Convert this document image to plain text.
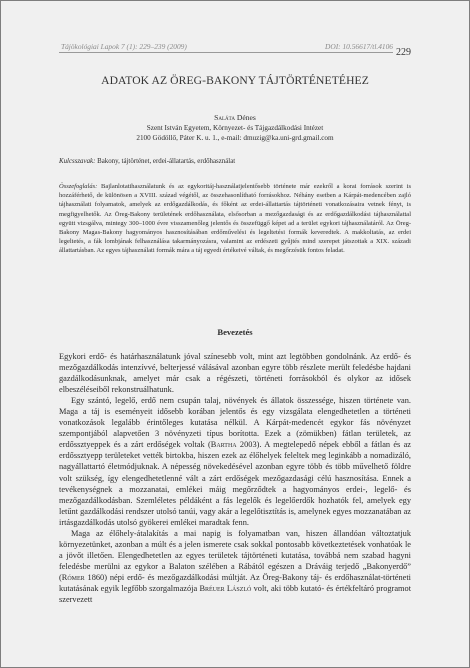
Tájökológiai Lapok 7 (1): 229–239 (2009)	DOI: 10.56617/tl.4106
229
ADATOK AZ ÖREG-BAKONY TÁJTÖRTÉNETÉHEZ
Saláta Dénes
Szent István Egyetem, Környezet- és Tájgazdálkodási Intézet
2100 Gödöllő, Páter K. u. 1., e-mail: dmuzig@ka.uni-grd.gmail.com
Kulcsszavak: Bakony, tájtörténet, erdei-állatartás, erdőhasználat
Összefoglalás: Bajlanlotatihasználatunk és az egykoritáj-használatjelentősebb története már ezekről a korai források szerint is hozzáférhető, de különösen a XVIII. század végétől, az összehasonlítható forrásokhoz. Néhány esetben a Kárpát-medencében zajló tájhasználati folyamatok, amelyek az erdőgazdálkodás, és főként az erdei-állattartás tájtörténeti vonatkozásaira vetnek fényt, is megfigyelhetők. Az Öreg-Bakony területének erdőhasználata, elsősorban a mezőgazdasági és az erdőgazdálkodási tájhasználattal együtt vizsgálva, mintegy 300–1000 évre visszamenőleg jelentős és összefüggő képet ad a terület egykori tájhasználatáról. Az Öreg-Bakony Magas-Bakony hagyományos hasznosításában erdőművelési és legeltetési formák keveredtek. A makkoltatás, az erdei legeltetés, a fák lombjának felhasználása takarmányozásra, valamint az erdészeti gyűjtés mind szerepet játszottak a XIX. századi állattartásban. Az egyes tájhasználati formák mára a táj egyedi értékeivé váltak, és megőrzésük fontos feladat.
Bevezetés

Egykori erdő- és határhasználatunk jóval színesebb volt, mint azt legtöbben gondolnánk. Az erdő- és mezőgazdálkodás intenzívvé, belterjessé válásával azonban egyre több részlete merült feledésbe hajdani gazdálkodásunknak, amelyet már csak a régészeti, történeti forrásokból és olykor az idősek elbeszéléseiből rekonstruálhatunk.

Egy szántó, legelő, erdő nem csupán talaj, növények és állatok összessége, hiszen története van. Maga a táj is eseményeit idősebb korában jelentős és egy vizsgálata elengedhetetlen a történeti vonatkozások legalább érintőleges kutatása nélkül. A Kárpát-medencét egykor fás növényzet szempontjából alapvetően 3 növényzeti típus borította. Ezek a (zömükben) fátlan területek, az erdőssztyeppek és a zárt erdőségek voltak (Bartha 2003). A megtelepedő népek ebből a fátlan és az erdőssztyepp területeket vették birtokba, hiszen ezek az élőhelyek feleltek meg leginkább a nomadizáló, nagyállattartó életmódjuknak. A népesség növekedésével azonban egyre több és több művelhető földre volt szükség, így elengedhetetlenné vált a zárt erdőségek mezőgazdasági célú hasznosítása. Ennek a tevékenységnek a mozzanatai, emlékei máig megőrződtek a hagyományos erdei-, legelő- és mezőgazdálkodásban. Szemléletes példáként a fás legelők és legelőerdők hozhatók fel, amelyek egy letűnt gazdálkodási rendszer utolsó tanúi, vagy akár a legelőtisztítás is, amelynek egyes mozzanatában az irtásgazdálkodás utolsó gyökerei emlékei maradtak fenn.

Maga az élőhely-átalakítás a mai napig is folyamatban van, hiszen állandóan változtatjuk környezetünket, azonban a múlt és a jelen ismerete csak sokkal pontosabb következtetések vonhatóak le a jövőt illetően. Elengedhetetlen az egyes területek tájtörténeti kutatása, továbbá nem szabad hagyni feledésbe merülni az egykor a Balaton szélében a Rábától egészen a Dráváig terjedő „Bakonyerdő” (Rómer 1860) népi erdő- és mezőgazdálkodási múltját. Az Öreg-Bakony táj- és erdőhasználat-történeti kutatásának egyik legfőbb szorgalmazója Bréuer László volt, aki több kutató- és értékfeltáró programot szervezett
